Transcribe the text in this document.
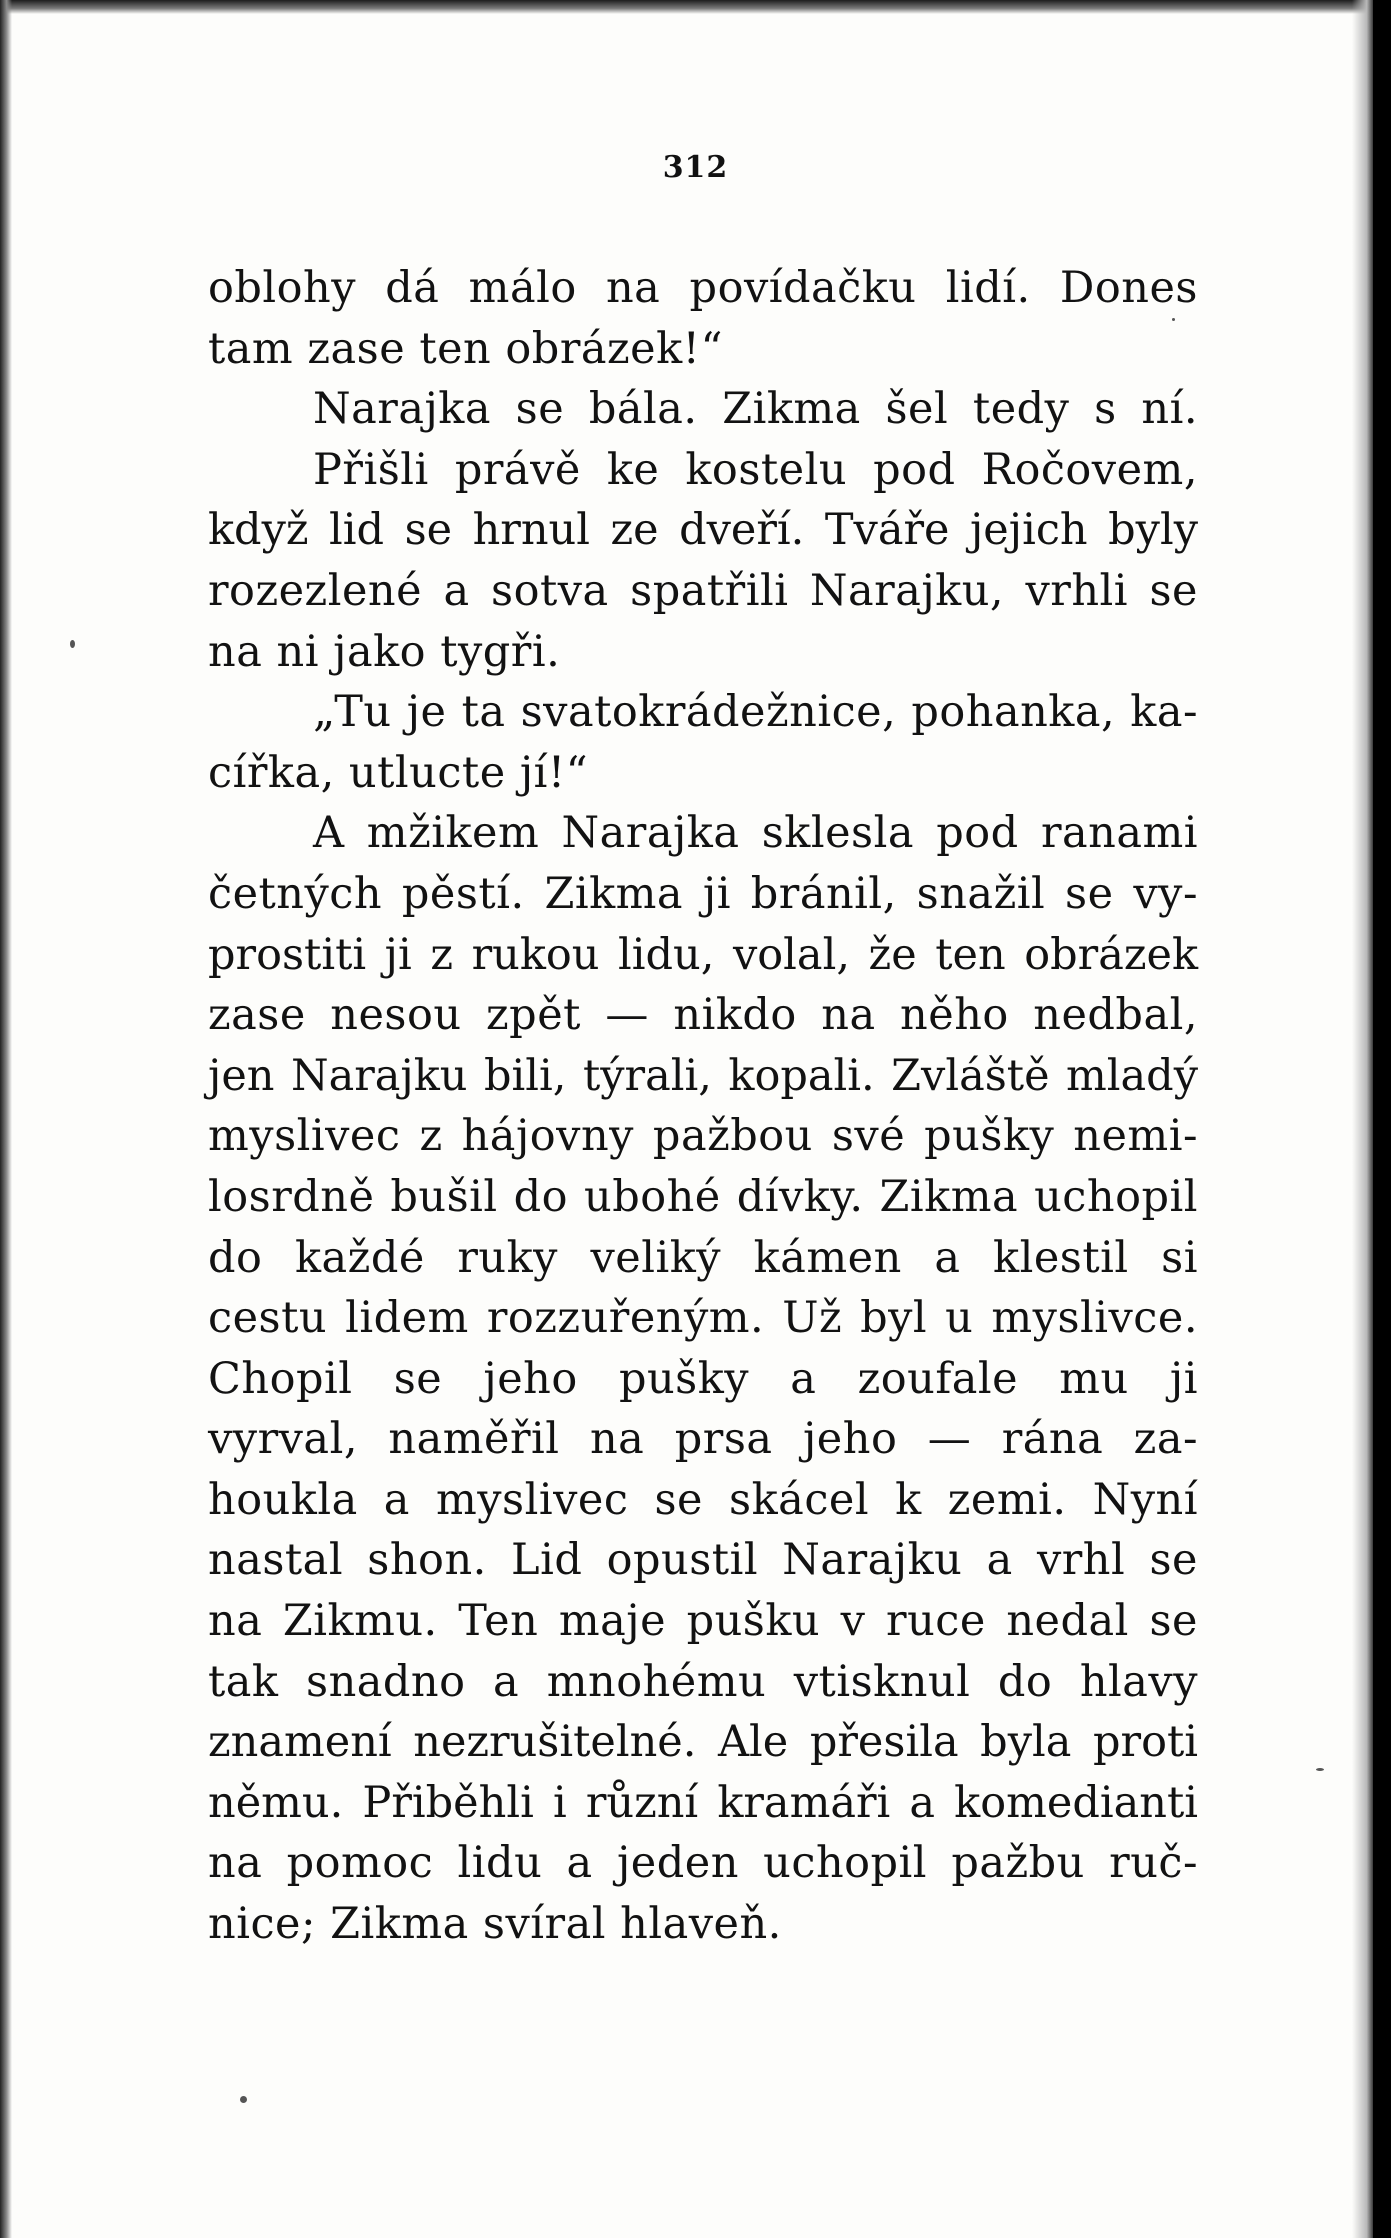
312
oblohy dá málo na povídačku lidí. Dones
tam zase ten obrázek!“
Narajka se bála. Zikma šel tedy s ní.
Přišli právě ke kostelu pod Ročovem,
když lid se hrnul ze dveří. Tváře jejich byly
rozezlené a sotva spatřili Narajku, vrhli se
na ni jako tygři.
„Tu je ta svatokrádežnice, pohanka, ka-
cířka, utlucte jí!“
A mžikem Narajka sklesla pod ranami
četných pěstí. Zikma ji bránil, snažil se vy-
prostiti ji z rukou lidu, volal, že ten obrázek
zase nesou zpět — nikdo na něho nedbal,
jen Narajku bili, týrali, kopali. Zvláště mladý
myslivec z hájovny pažbou své pušky nemi-
losrdně bušil do ubohé dívky. Zikma uchopil
do každé ruky veliký kámen a klestil si
cestu lidem rozzuřeným. Už byl u myslivce.
Chopil se jeho pušky a zoufale mu ji
vyrval, naměřil na prsa jeho — rána za-
houkla a myslivec se skácel k zemi. Nyní
nastal shon. Lid opustil Narajku a vrhl se
na Zikmu. Ten maje pušku v ruce nedal se
tak snadno a mnohému vtisknul do hlavy
znamení nezrušitelné. Ale přesila byla proti
němu. Přiběhli i různí kramáři a komedianti
na pomoc lidu a jeden uchopil pažbu ruč-
nice; Zikma svíral hlaveň.
